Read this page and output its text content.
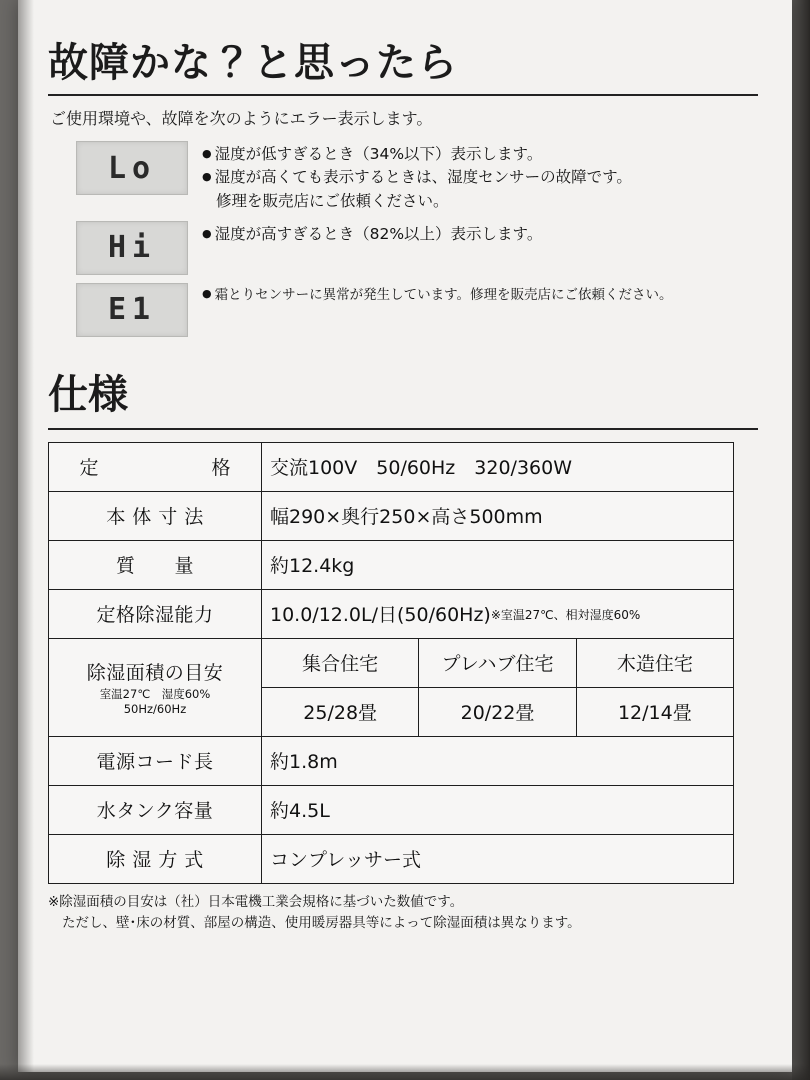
故障かな？と思ったら

ご使用環境や、故障を次のようにエラー表示します。

Lo	● 湿度が低すぎるとき（34%以下）表示します。
● 湿度が高くても表示するときは、湿度センサーの故障です。
修理を販売店にご依頼ください。
Hi	● 湿度が高すぎるとき（82%以上）表示します。
E1	● 霜とりセンサーに異常が発生しています。修理を販売店にご依頼ください。
仕様
定　　　格	交流100V　50/60Hz　320/360W		
本 体 寸 法	幅290×奥行250×高さ500mm		
質　　量	約12.4kg		
定格除湿能力	10.0/12.0L/日(50/60Hz)※室温27℃、相対湿度60%		
除湿面積の目安
室温27℃　湿度60%
50Hz/60Hz	集合住宅	プレハブ住宅	木造住宅
	25/28畳	20/22畳	12/14畳
電源コード長	約1.8m		
水タンク容量	約4.5L		
除 湿 方 式	コンプレッサー式		
※除湿面積の目安は（社）日本電機工業会規格に基づいた数値です。
ただし、壁･床の材質、部屋の構造、使用暖房器具等によって除湿面積は異なります。
